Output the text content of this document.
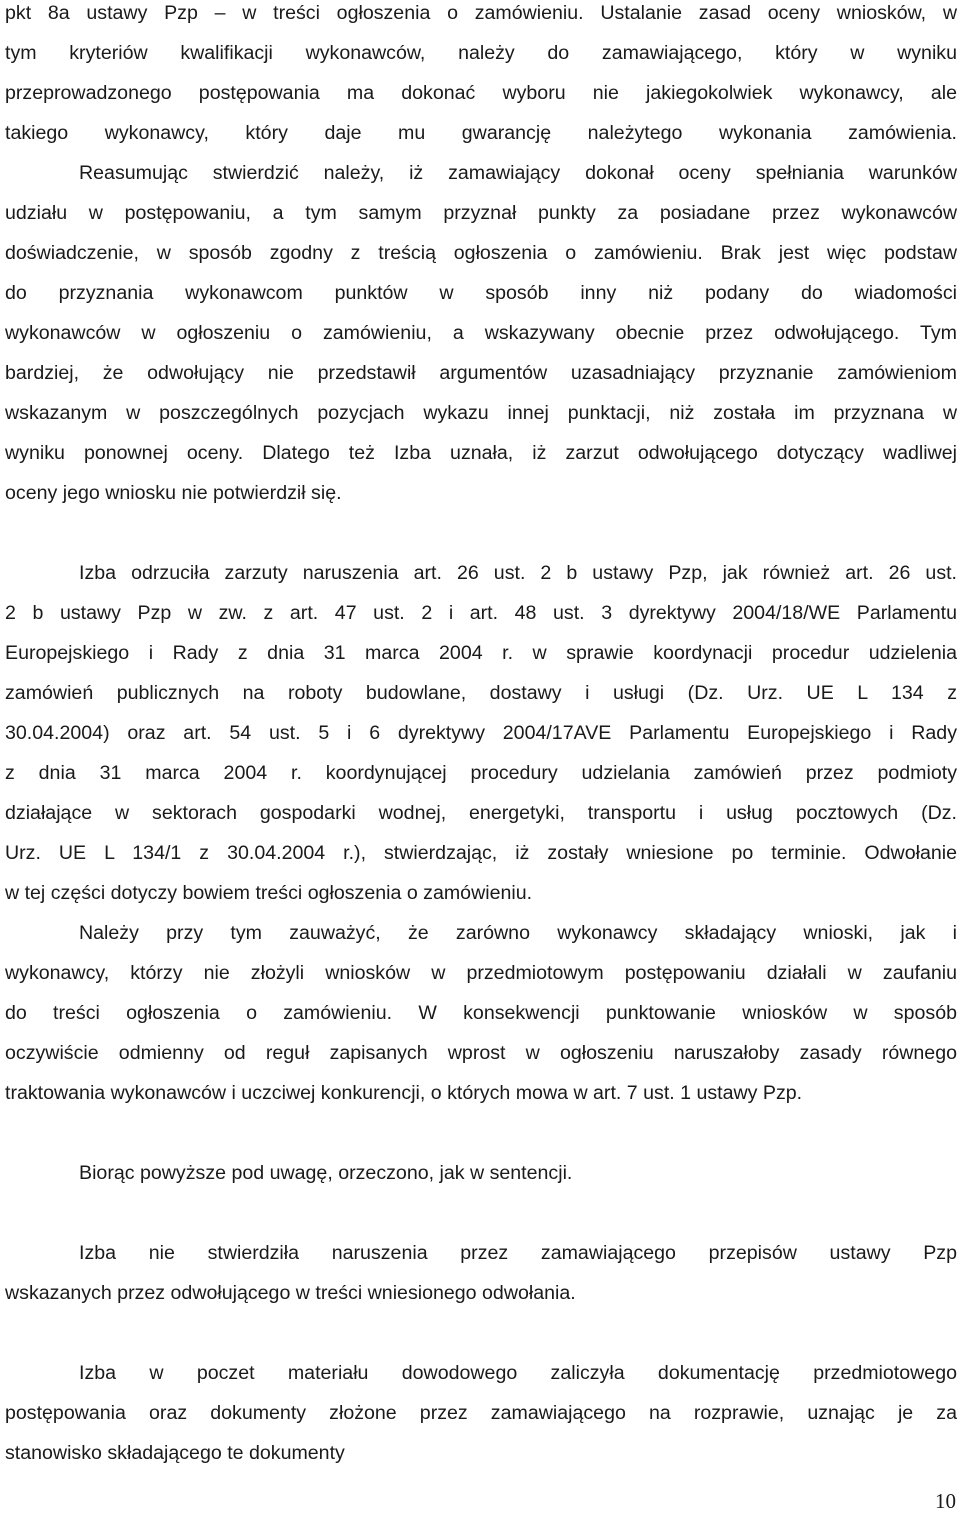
pkt 8a ustawy Pzp – w treści ogłoszenia o zamówieniu. Ustalanie zasad oceny wniosków, w
tym kryteriów kwalifikacji wykonawców, należy do zamawiającego, który w wyniku
przeprowadzonego postępowania ma dokonać wyboru nie jakiegokolwiek wykonawcy, ale
takiego wykonawcy, który daje mu gwarancję należytego wykonania zamówienia.
Reasumując stwierdzić należy, iż zamawiający dokonał oceny spełniania warunków
udziału w postępowaniu, a tym samym przyznał punkty za posiadane przez wykonawców
doświadczenie, w sposób zgodny z treścią ogłoszenia o zamówieniu. Brak jest więc podstaw
do przyznania wykonawcom punktów w sposób inny niż podany do wiadomości
wykonawców w ogłoszeniu o zamówieniu, a wskazywany obecnie przez odwołującego. Tym
bardziej, że odwołujący nie przedstawił argumentów uzasadniający przyznanie zamówieniom
wskazanym w poszczególnych pozycjach wykazu innej punktacji, niż została im przyznana w
wyniku ponownej oceny. Dlatego też Izba uznała, iż zarzut odwołującego dotyczący wadliwej
oceny jego wniosku nie potwierdził się.
Izba odrzuciła zarzuty naruszenia art. 26 ust. 2 b ustawy Pzp, jak również art. 26 ust.
2 b ustawy Pzp w zw. z art. 47 ust. 2 i art. 48 ust. 3 dyrektywy 2004/18/WE Parlamentu
Europejskiego i Rady z dnia 31 marca 2004 r. w sprawie koordynacji procedur udzielenia
zamówień publicznych na roboty budowlane, dostawy i usługi (Dz. Urz. UE L 134 z
30.04.2004) oraz art. 54 ust. 5 i 6 dyrektywy 2004/17AVE Parlamentu Europejskiego i Rady
z dnia 31 marca 2004 r. koordynującej procedury udzielania zamówień przez podmioty
działające w sektorach gospodarki wodnej, energetyki, transportu i usług pocztowych (Dz.
Urz. UE L 134/1 z 30.04.2004 r.), stwierdzając, iż zostały wniesione po terminie. Odwołanie
w tej części dotyczy bowiem treści ogłoszenia o zamówieniu.
Należy przy tym zauważyć, że zarówno wykonawcy składający wnioski, jak i
wykonawcy, którzy nie złożyli wniosków w przedmiotowym postępowaniu działali w zaufaniu
do treści ogłoszenia o zamówieniu. W konsekwencji punktowanie wniosków w sposób
oczywiście odmienny od reguł zapisanych wprost w ogłoszeniu naruszałoby zasady równego
traktowania wykonawców i uczciwej konkurencji, o których mowa w art. 7 ust. 1 ustawy Pzp.
Biorąc powyższe pod uwagę, orzeczono, jak w sentencji.
Izba nie stwierdziła naruszenia przez zamawiającego przepisów ustawy Pzp
wskazanych przez odwołującego w treści wniesionego odwołania.
Izba w poczet materiału dowodowego zaliczyła dokumentację przedmiotowego
postępowania oraz dokumenty złożone przez zamawiającego na rozprawie, uznając je za
stanowisko składającego te dokumenty
10
